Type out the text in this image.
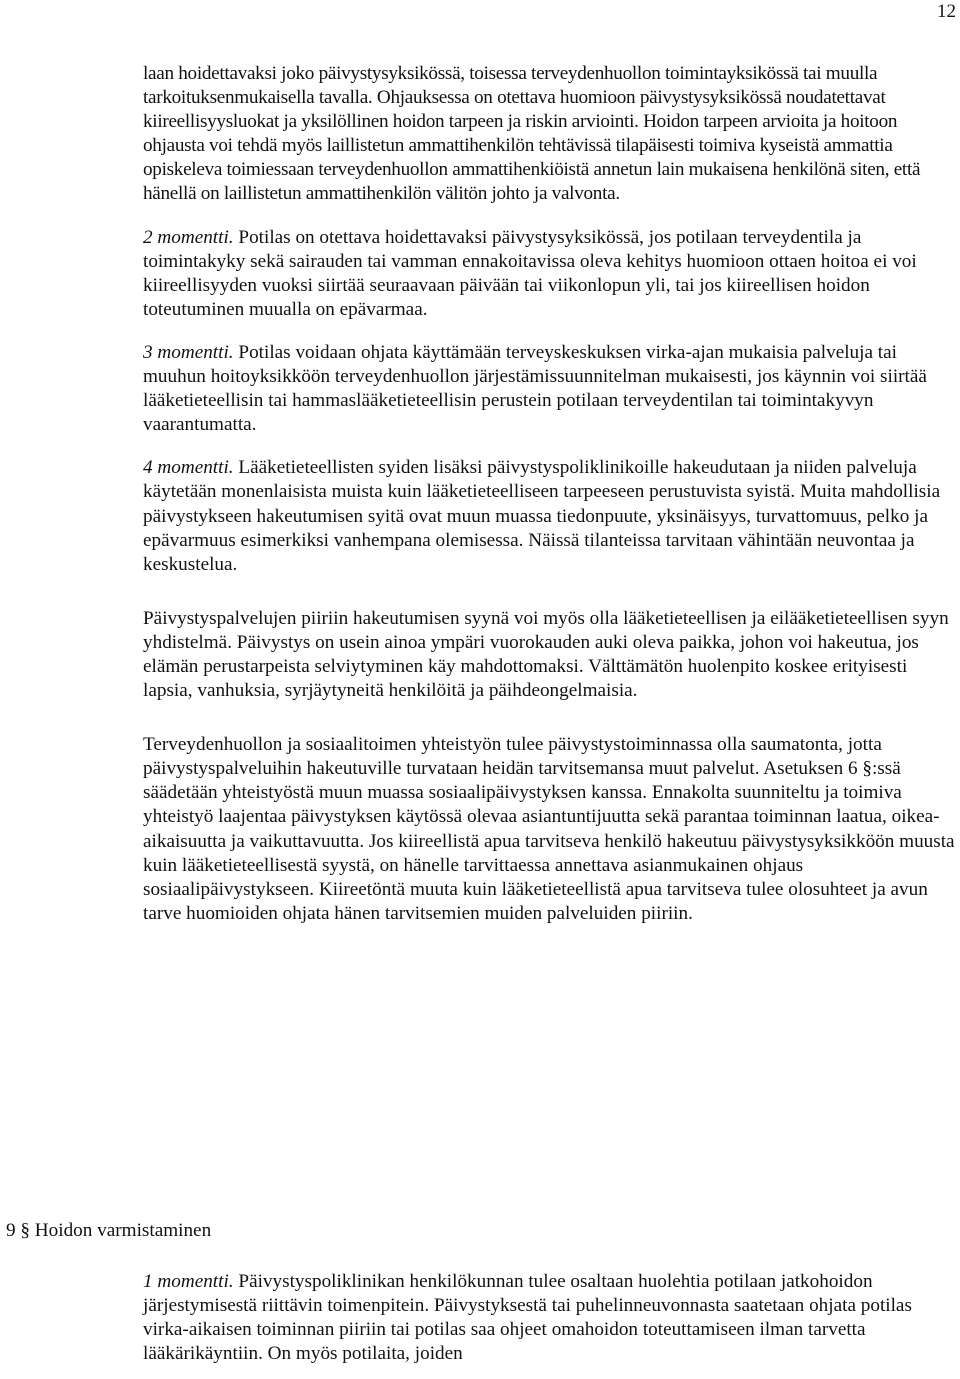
12

laan hoidettavaksi joko päivystysyksikössä, toisessa terveydenhuollon toimintayksikössä tai muulla tarkoituksenmukaisella tavalla. Ohjauksessa on otettava huomioon päivystysyksikössä noudatettavat kiireellisyysluokat ja yksilöllinen hoidon tarpeen ja riskin arviointi. Hoidon tarpeen arvioita ja hoitoon ohjausta voi tehdä myös laillistetun ammattihenkilön tehtävissä tilapäisesti toimiva kyseistä ammattia opiskeleva toimiessaan terveydenhuollon ammattihenkiöistä annetun lain mukaisena henkilönä siten, että hänellä on laillistetun ammattihenkilön välitön johto ja valvonta.

2 momentti. Potilas on otettava hoidettavaksi päivystysyksikössä, jos potilaan terveydentila ja toimintakyky sekä sairauden tai vamman ennakoitavissa oleva kehitys huomioon ottaen hoitoa ei voi kiireellisyyden vuoksi siirtää seuraavaan päivään tai viikonlopun yli, tai jos kiireellisen hoidon toteutuminen muualla on epävarmaa.

3 momentti. Potilas voidaan ohjata käyttämään terveyskeskuksen virka-ajan mukaisia palveluja tai muuhun hoitoyksikköön terveydenhuollon järjestämissuunnitelman mukaisesti, jos käynnin voi siirtää lääketieteellisin tai hammaslääketieteellisin perustein potilaan terveydentilan tai toimintakyvyn vaarantumatta.

4 momentti. Lääketieteellisten syiden lisäksi päivystyspoliklinikoille hakeudutaan ja niiden palveluja käytetään monenlaisista muista kuin lääketieteelliseen tarpeeseen perustuvista syistä. Muita mahdollisia päivystykseen hakeutumisen syitä ovat muun muassa tiedonpuute, yksinäisyys, turvattomuus, pelko ja epävarmuus esimerkiksi vanhempana olemisessa. Näissä tilanteissa tarvitaan vähintään neuvontaa ja keskustelua.

Päivystyspalvelujen piiriin hakeutumisen syynä voi myös olla lääketieteellisen ja eilääketieteellisen syyn yhdistelmä. Päivystys on usein ainoa ympäri vuorokauden auki oleva paikka, johon voi hakeutua, jos elämän perustarpeista selviytyminen käy mahdottomaksi. Välttämätön huolenpito koskee erityisesti lapsia, vanhuksia, syrjäytyneitä henkilöitä ja päihdeongelmaisia.

Terveydenhuollon ja sosiaalitoimen yhteistyön tulee päivystystoiminnassa olla saumatonta, jotta päivystyspalveluihin hakeutuville turvataan heidän tarvitsemansa muut palvelut. Asetuksen 6 §:ssä säädetään yhteistyöstä muun muassa sosiaalipäivystyksen kanssa. Ennakolta suunniteltu ja toimiva yhteistyö laajentaa päivystyksen käytössä olevaa asiantuntijuutta sekä parantaa toiminnan laatua, oikea-aikaisuutta ja vaikuttavuutta. Jos kiireellistä apua tarvitseva henkilö hakeutuu päivystysyksikköön muusta kuin lääketieteellisestä syystä, on hänelle tarvittaessa annettava asianmukainen ohjaus sosiaalipäivystykseen. Kiireetöntä muuta kuin lääketieteellistä apua tarvitseva tulee olosuhteet ja avun tarve huomioiden ohjata hänen tarvitsemien muiden palveluiden piiriin.

9 § Hoidon varmistaminen

1 momentti. Päivystyspoliklinikan henkilökunnan tulee osaltaan huolehtia potilaan jatkohoidon järjestymisestä riittävin toimenpitein. Päivystyksestä tai puhelinneuvonnasta saatetaan ohjata potilas virka-aikaisen toiminnan piiriin tai potilas saa ohjeet omahoidon toteuttamiseen ilman tarvetta lääkärikäyntiin. On myös potilaita, joiden
